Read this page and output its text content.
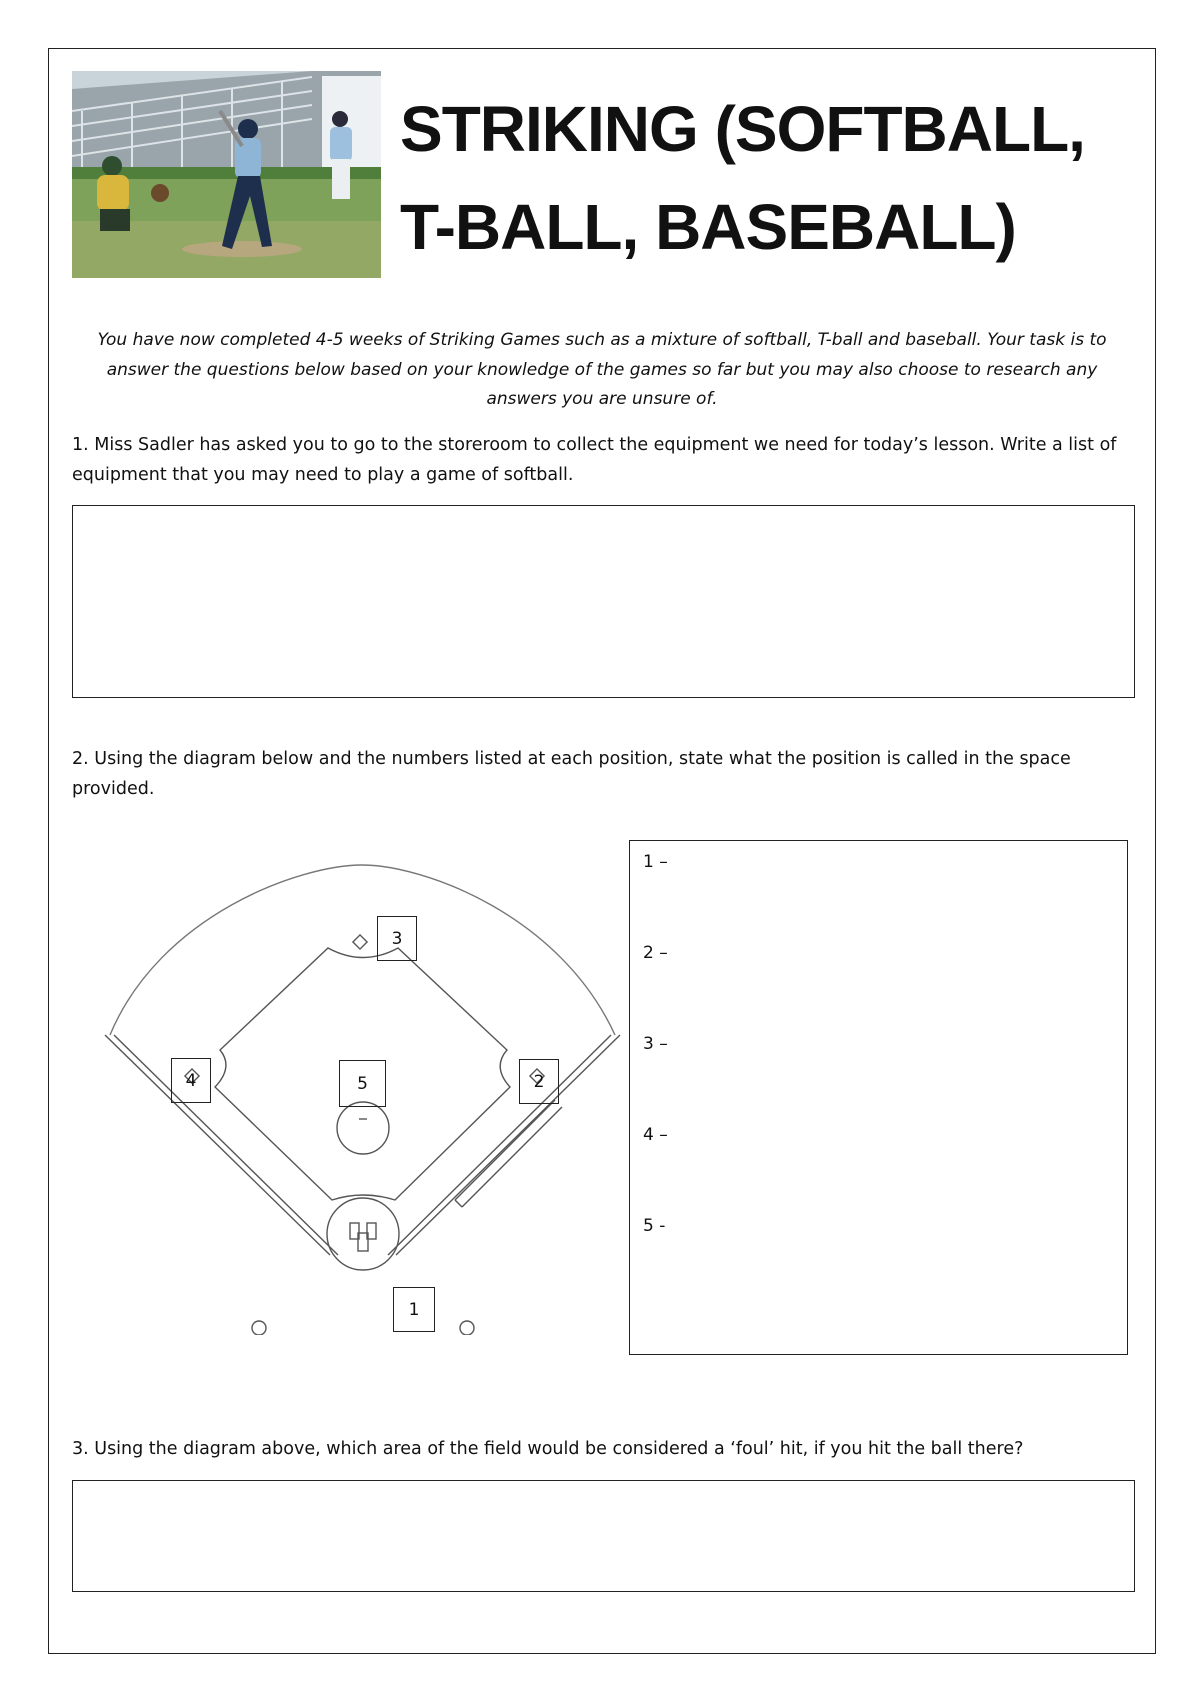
STRIKING (SOFTBALL,
T-BALL, BASEBALL)
You have now completed 4-5 weeks of Striking Games such as a mixture of softball, T-ball and baseball. Your task is to answer the questions below based on your knowledge of the games so far but you may also choose to research any answers you are unsure of.
1. Miss Sadler has asked you to go to the storeroom to collect the equipment we need for today’s lesson. Write a list of equipment that you may need to play a game of softball.
2. Using the diagram below and the numbers listed at each position, state what the position is called in the space provided.
3
4	5	2
1
1 –
2 –
3 –
4 –
5 -
3. Using the diagram above, which area of the field would be considered a ‘foul’ hit, if you hit the ball there?
